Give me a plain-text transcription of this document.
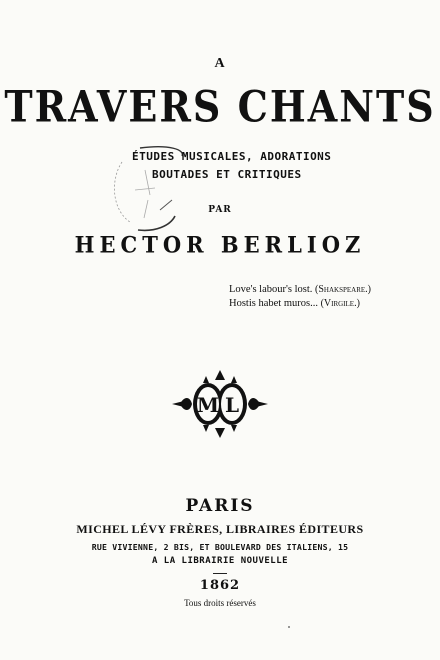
A
TRAVERS CHANTS
ÉTUDES MUSICALES, ADORATIONS
BOUTADES ET CRITIQUES
PAR
HECTOR BERLIOZ
Love's labour's lost. (Shakspeare.)
Hostis habet muros... (Virgile.)
M L
PARIS
MICHEL LÉVY FRÈRES, LIBRAIRES ÉDITEURS
RUE VIVIENNE, 2 BIS, ET BOULEVARD DES ITALIENS, 15
A LA LIBRAIRIE NOUVELLE
1862
Tous droits réservés
